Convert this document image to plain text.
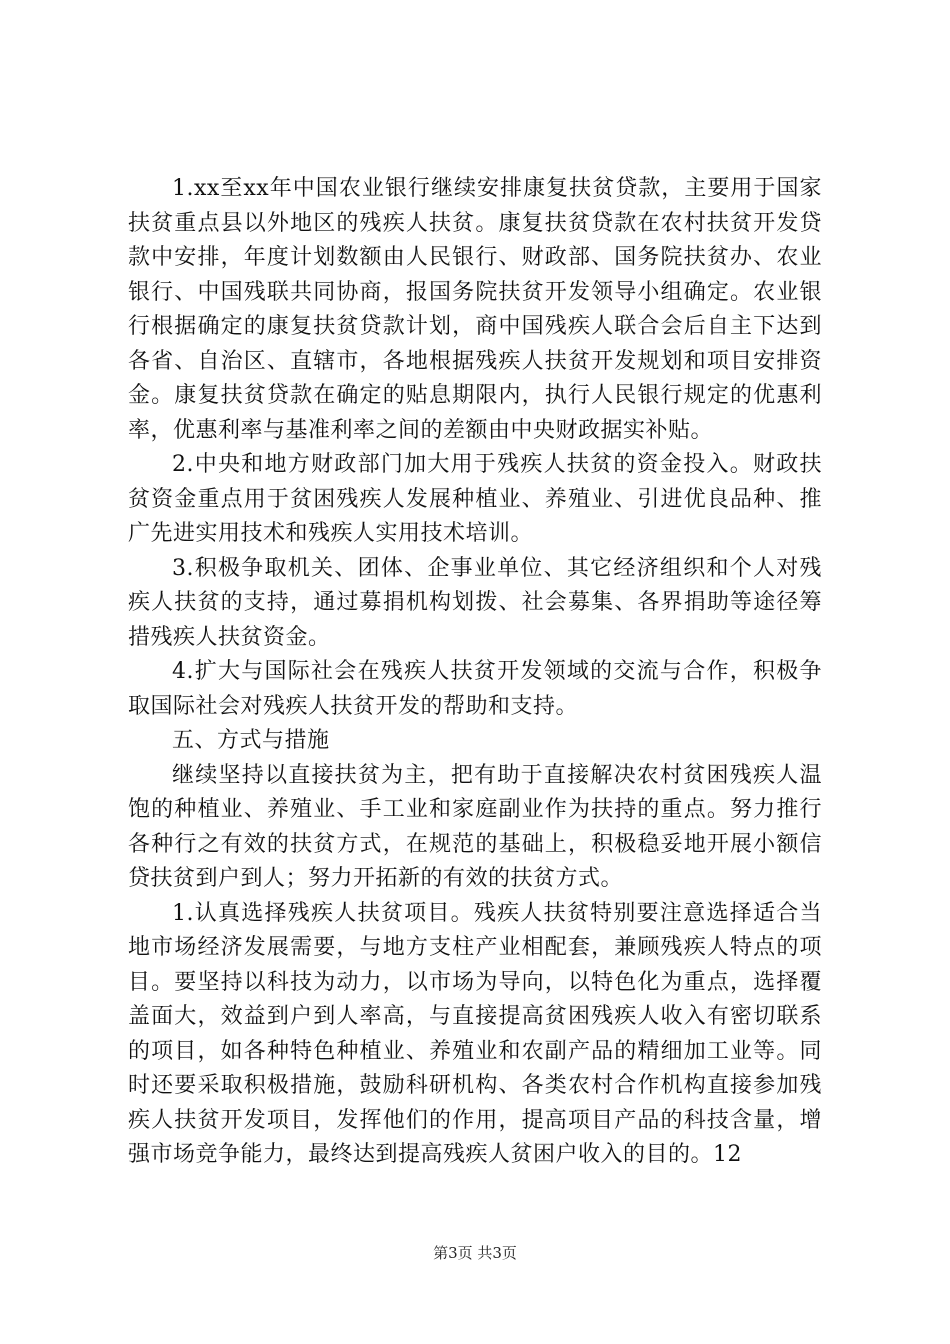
1.xx至xx年中国农业银行继续安排康复扶贫贷款，主要用于国家扶贫重点县以外地区的残疾人扶贫。康复扶贫贷款在农村扶贫开发贷款中安排，年度计划数额由人民银行、财政部、国务院扶贫办、农业银行、中国残联共同协商，报国务院扶贫开发领导小组确定。农业银行根据确定的康复扶贫贷款计划，商中国残疾人联合会后自主下达到各省、自治区、直辖市，各地根据残疾人扶贫开发规划和项目安排资金。康复扶贫贷款在确定的贴息期限内，执行人民银行规定的优惠利率，优惠利率与基准利率之间的差额由中央财政据实补贴。

2.中央和地方财政部门加大用于残疾人扶贫的资金投入。财政扶贫资金重点用于贫困残疾人发展种植业、养殖业、引进优良品种、推广先进实用技术和残疾人实用技术培训。

3.积极争取机关、团体、企事业单位、其它经济组织和个人对残疾人扶贫的支持，通过募捐机构划拨、社会募集、各界捐助等途径筹措残疾人扶贫资金。

4.扩大与国际社会在残疾人扶贫开发领域的交流与合作，积极争取国际社会对残疾人扶贫开发的帮助和支持。

五、方式与措施

继续坚持以直接扶贫为主，把有助于直接解决农村贫困残疾人温饱的种植业、养殖业、手工业和家庭副业作为扶持的重点。努力推行各种行之有效的扶贫方式，在规范的基础上，积极稳妥地开展小额信贷扶贫到户到人；努力开拓新的有效的扶贫方式。

1.认真选择残疾人扶贫项目。残疾人扶贫特别要注意选择适合当地市场经济发展需要，与地方支柱产业相配套，兼顾残疾人特点的项目。要坚持以科技为动力，以市场为导向，以特色化为重点，选择覆盖面大，效益到户到人率高，与直接提高贫困残疾人收入有密切联系的项目，如各种特色种植业、养殖业和农副产品的精细加工业等。同时还要采取积极措施，鼓励科研机构、各类农村合作机构直接参加残疾人扶贫开发项目，发挥他们的作用，提高项目产品的科技含量，增强市场竞争能力，最终达到提高残疾人贫困户收入的目的。12

第3页 共3页
